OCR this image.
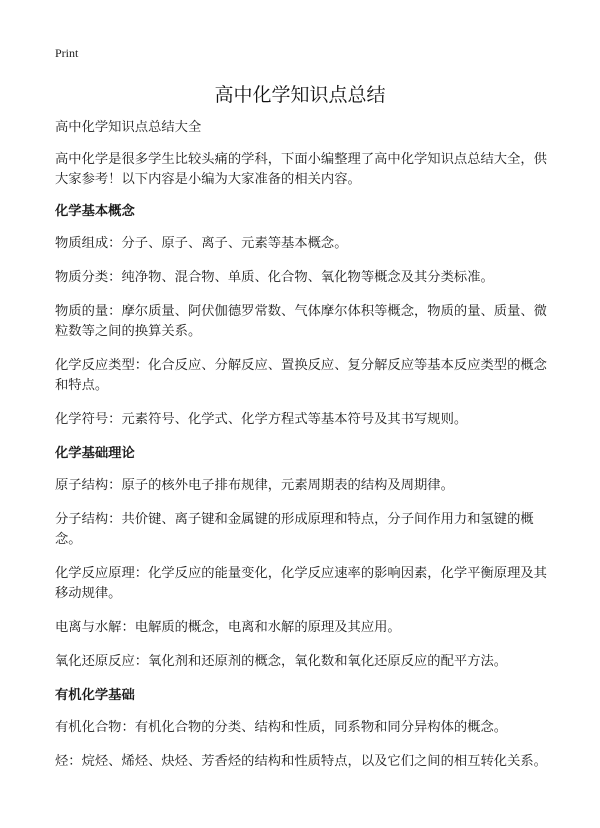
Print
高中化学知识点总结

高中化学知识点总结大全

高中化学是很多学生比较头痛的学科，下面小编整理了高中化学知识点总结大全，供大家参考！以下内容是小编为大家准备的相关内容。

化学基本概念

物质组成：分子、原子、离子、元素等基本概念。

物质分类：纯净物、混合物、单质、化合物、氧化物等概念及其分类标准。

物质的量：摩尔质量、阿伏伽德罗常数、气体摩尔体积等概念，物质的量、质量、微粒数等之间的换算关系。

化学反应类型：化合反应、分解反应、置换反应、复分解反应等基本反应类型的概念和特点。

化学符号：元素符号、化学式、化学方程式等基本符号及其书写规则。

化学基础理论

原子结构：原子的核外电子排布规律，元素周期表的结构及周期律。

分子结构：共价键、离子键和金属键的形成原理和特点，分子间作用力和氢键的概念。

化学反应原理：化学反应的能量变化，化学反应速率的影响因素，化学平衡原理及其移动规律。

电离与水解：电解质的概念，电离和水解的原理及其应用。

氧化还原反应：氧化剂和还原剂的概念，氧化数和氧化还原反应的配平方法。

有机化学基础

有机化合物：有机化合物的分类、结构和性质，同系物和同分异构体的概念。

烃：烷烃、烯烃、炔烃、芳香烃的结构和性质特点，以及它们之间的相互转化关系。
